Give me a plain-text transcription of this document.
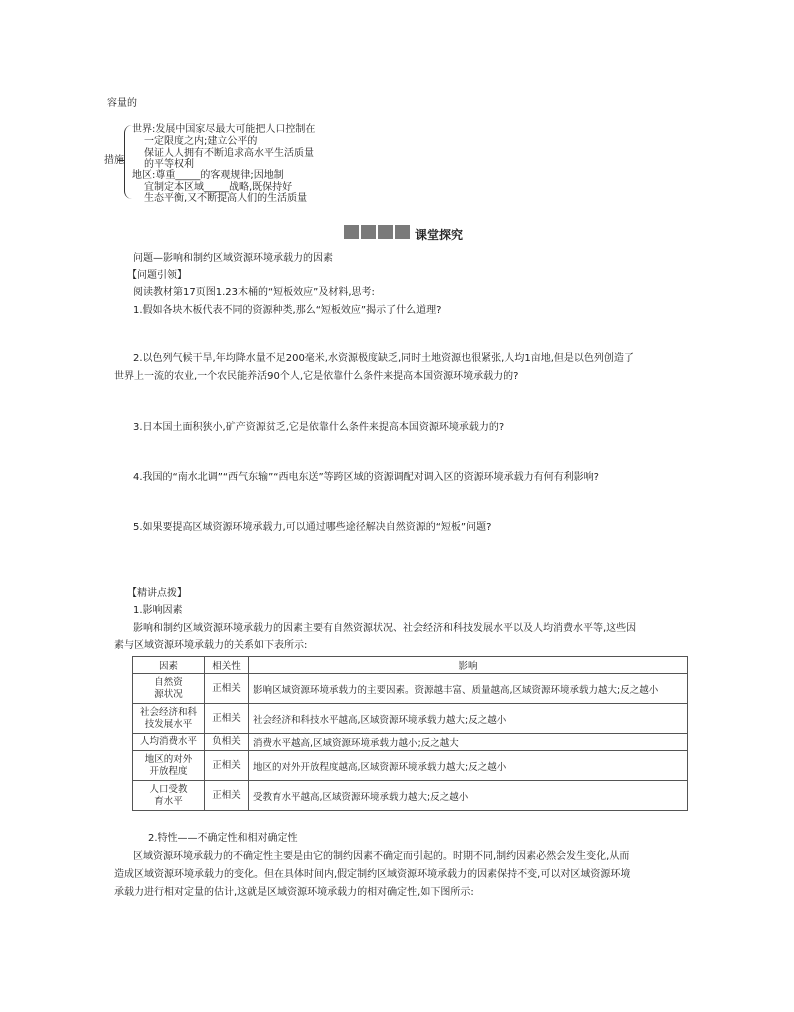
容量的
措施
世界:发展中国家尽最大可能把人口控制在
一定限度之内;建立公平的
保证人人拥有不断追求高水平生活质量
的平等权利
地区:尊重_____的客观规律;因地制
宜制定本区域_____战略,既保持好
生态平衡,又不断提高人们的生活质量
课堂探究
问题—影响和制约区域资源环境承载力的因素
【问题引领】
阅读教材第17页图1.23木桶的“短板效应”及材料,思考:
1.假如各块木板代表不同的资源种类,那么“短板效应”揭示了什么道理?
2.以色列气候干旱,年均降水量不足200毫米,水资源极度缺乏,同时土地资源也很紧张,人均1亩地,但是以色列创造了
世界上一流的农业,一个农民能养活90个人,它是依靠什么条件来提高本国资源环境承载力的?
3.日本国土面积狭小,矿产资源贫乏,它是依靠什么条件来提高本国资源环境承载力的?
4.我国的“南水北调”“西气东输”“西电东送”等跨区域的资源调配对调入区的资源环境承载力有何有利影响?
5.如果要提高区域资源环境承载力,可以通过哪些途径解决自然资源的“短板”问题?
【精讲点拨】
1.影响因素
影响和制约区域资源环境承载力的因素主要有自然资源状况、社会经济和科技发展水平以及人均消费水平等,这些因
素与区域资源环境承载力的关系如下表所示:
因素	相关性	影响
自然资
源状况	正相关	影响区域资源环境承载力的主要因素。资源越丰富、质量越高,区域资源环境承载力越大;反之越小
社会经济和科
技发展水平	正相关	社会经济和科技水平越高,区域资源环境承载力越大;反之越小
人均消费水平	负相关	消费水平越高,区域资源环境承载力越小;反之越大
地区的对外
开放程度	正相关	地区的对外开放程度越高,区域资源环境承载力越大;反之越小
人口受教
育水平	正相关	受教育水平越高,区域资源环境承载力越大;反之越小
2.特性——不确定性和相对确定性
区域资源环境承载力的不确定性主要是由它的制约因素不确定而引起的。时期不同,制约因素必然会发生变化,从而
造成区域资源环境承载力的变化。但在具体时间内,假定制约区域资源环境承载力的因素保持不变,可以对区域资源环境
承载力进行相对定量的估计,这就是区域资源环境承载力的相对确定性,如下图所示:
